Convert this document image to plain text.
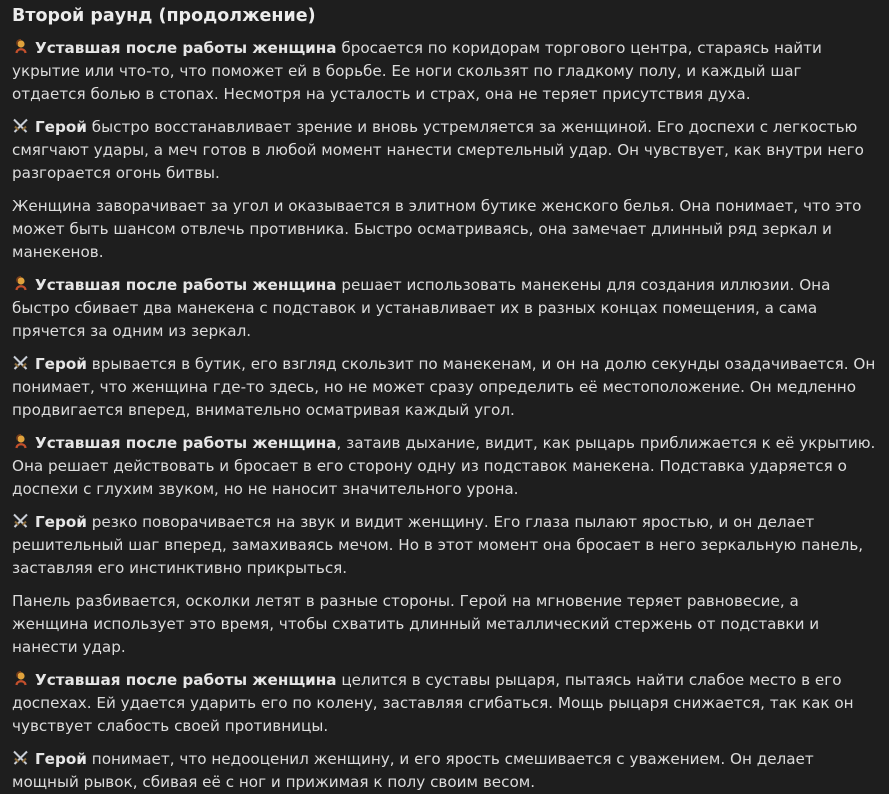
Второй раунд (продолжение)

Уставшая после работы женщина бросается по коридорам торгового центра, стараясь найти укрытие или что-то, что поможет ей в борьбе. Ее ноги скользят по гладкому полу, и каждый шаг отдается болью в стопах. Несмотря на усталость и страх, она не теряет присутствия духа.

Герой быстро восстанавливает зрение и вновь устремляется за женщиной. Его доспехи с легкостью смягчают удары, а меч готов в любой момент нанести смертельный удар. Он чувствует, как внутри него разгорается огонь битвы.

Женщина заворачивает за угол и оказывается в элитном бутике женского белья. Она понимает, что это может быть шансом отвлечь противника. Быстро осматриваясь, она замечает длинный ряд зеркал и манекенов.

Уставшая после работы женщина решает использовать манекены для создания иллюзии. Она быстро сбивает два манекена с подставок и устанавливает их в разных концах помещения, а сама прячется за одним из зеркал.

Герой врывается в бутик, его взгляд скользит по манекенам, и он на долю секунды озадачивается. Он понимает, что женщина где-то здесь, но не может сразу определить её местоположение. Он медленно продвигается вперед, внимательно осматривая каждый угол.

Уставшая после работы женщина, затаив дыхание, видит, как рыцарь приближается к её укрытию. Она решает действовать и бросает в его сторону одну из подставок манекена. Подставка ударяется о доспехи с глухим звуком, но не наносит значительного урона.

Герой резко поворачивается на звук и видит женщину. Его глаза пылают яростью, и он делает решительный шаг вперед, замахиваясь мечом. Но в этот момент она бросает в него зеркальную панель, заставляя его инстинктивно прикрыться.

Панель разбивается, осколки летят в разные стороны. Герой на мгновение теряет равновесие, а женщина использует это время, чтобы схватить длинный металлический стержень от подставки и нанести удар.

Уставшая после работы женщина целится в суставы рыцаря, пытаясь найти слабое место в его доспехах. Ей удается ударить его по колену, заставляя сгибаться. Мощь рыцаря снижается, так как он чувствует слабость своей противницы.

Герой понимает, что недооценил женщину, и его ярость смешивается с уважением. Он делает мощный рывок, сбивая её с ног и прижимая к полу своим весом.
